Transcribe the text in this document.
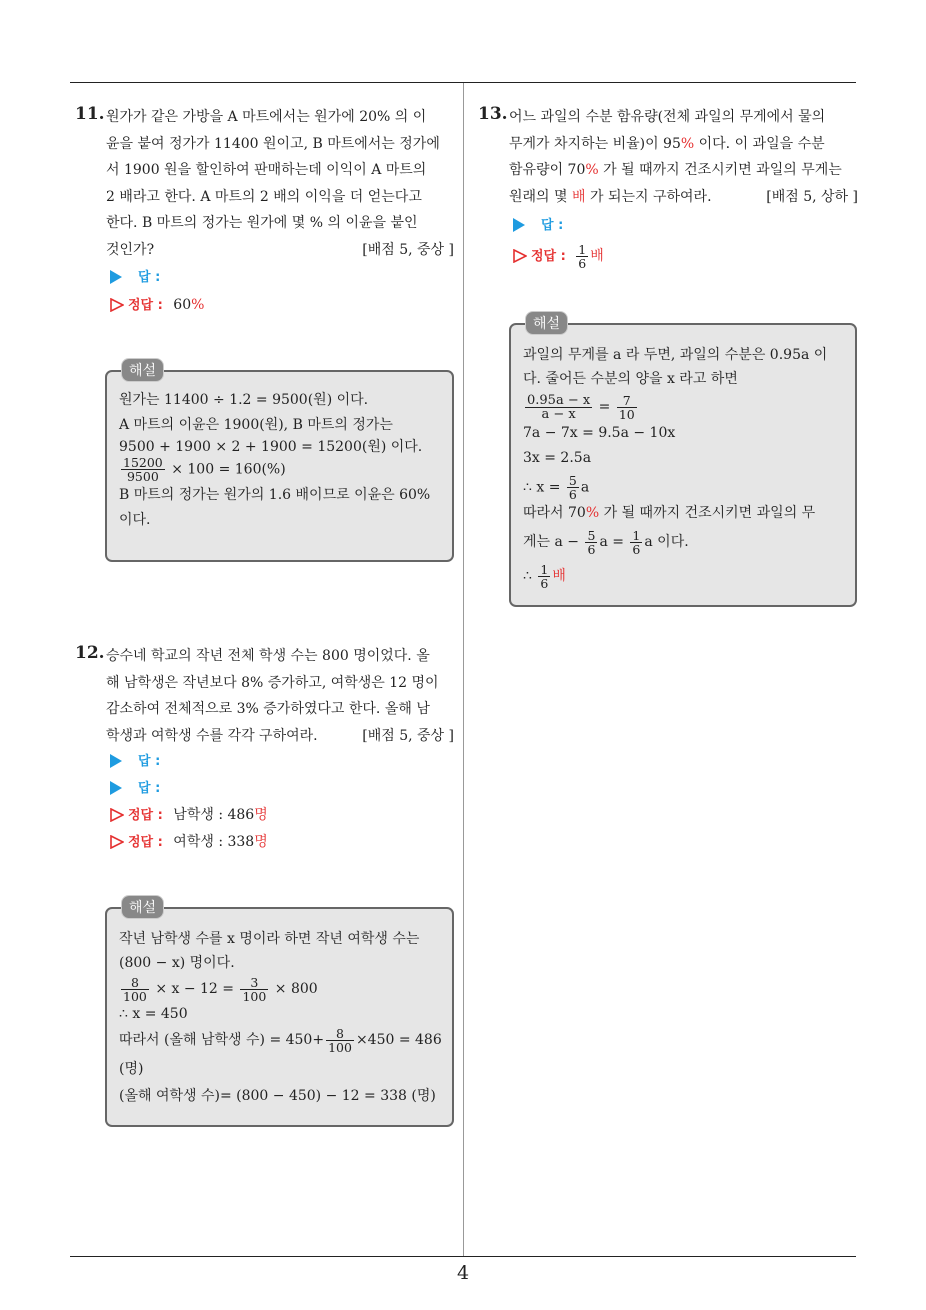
4
11. 원가가 같은 가방을 A 마트에서는 원가에 20% 의 이
윤을 붙여 정가가 11400 원이고, B 마트에서는 정가에
서 1900 원을 할인하여 판매하는데 이익이 A 마트의
2 배라고 한다. A 마트의 2 배의 이익을 더 얻는다고
한다. B 마트의 정가는 원가에 몇 % 의 이윤을 붙인
것인가?	[배점 5, 중상 ]
답 :
정답 : 60%
해설
원가는 11400 ÷ 1.2 = 9500(원) 이다.
A 마트의 이윤은 1900(원), B 마트의 정가는
9500 + 1900 × 2 + 1900 = 15200(원) 이다.
$\frac{15200}{9500} \times 100 = 160(\%)$
B 마트의 정가는 원가의 1.6 배이므로 이윤은 60%
이다.
12. 승수네 학교의 작년 전체 학생 수는 800 명이었다. 올
해 남학생은 작년보다 8% 증가하고, 여학생은 12 명이
감소하여 전체적으로 3% 증가하였다고 한다. 올해 남
학생과 여학생 수를 각각 구하여라.	[배점 5, 중상 ]
답 :
답 :
정답 : 남학생 : 486명
정답 : 여학생 : 338명
해설
작년 남학생 수를 x 명이라 하면 작년 여학생 수는
(800 − x) 명이다.
$\frac{8}{100} \times x - 12 = \frac{3}{100} \times 800$
∴ x = 450
따라서 (올해 남학생 수) = $450+ \frac{8}{100} \times 450 = 486$
(명)
(올해 여학생 수)= (800 − 450) − 12 = 338 (명)
13. 어느 과일의 수분 함유량(전체 과일의 무게에서 물의
무게가 차지하는 비율)이 95% 이다. 이 과일을 수분
함유량이 70% 가 될 때까지 건조시키면 과일의 무게는
원래의 몇 배 가 되는지 구하여라.	[배점 5, 상하 ]
답 :
정답 : $\frac{1}{6}$ 배
해설
과일의 무게를 a 라 두면, 과일의 수분은 0.95a 이
다. 줄어든 수분의 양을 x 라고 하면
$\frac{0.95a - x}{a - x} = \frac{7}{10}$
7a − 7x = 9.5a − 10x
3x = 2.5a
∴ $x = \frac{5}{6}$ a
따라서 70% 가 될 때까지 건조시키면 과일의 무
게는 $a - \frac{5}{6}$ $a = \frac{1}{6}$ a 이다.
∴ $\frac{1}{6}$ 배
